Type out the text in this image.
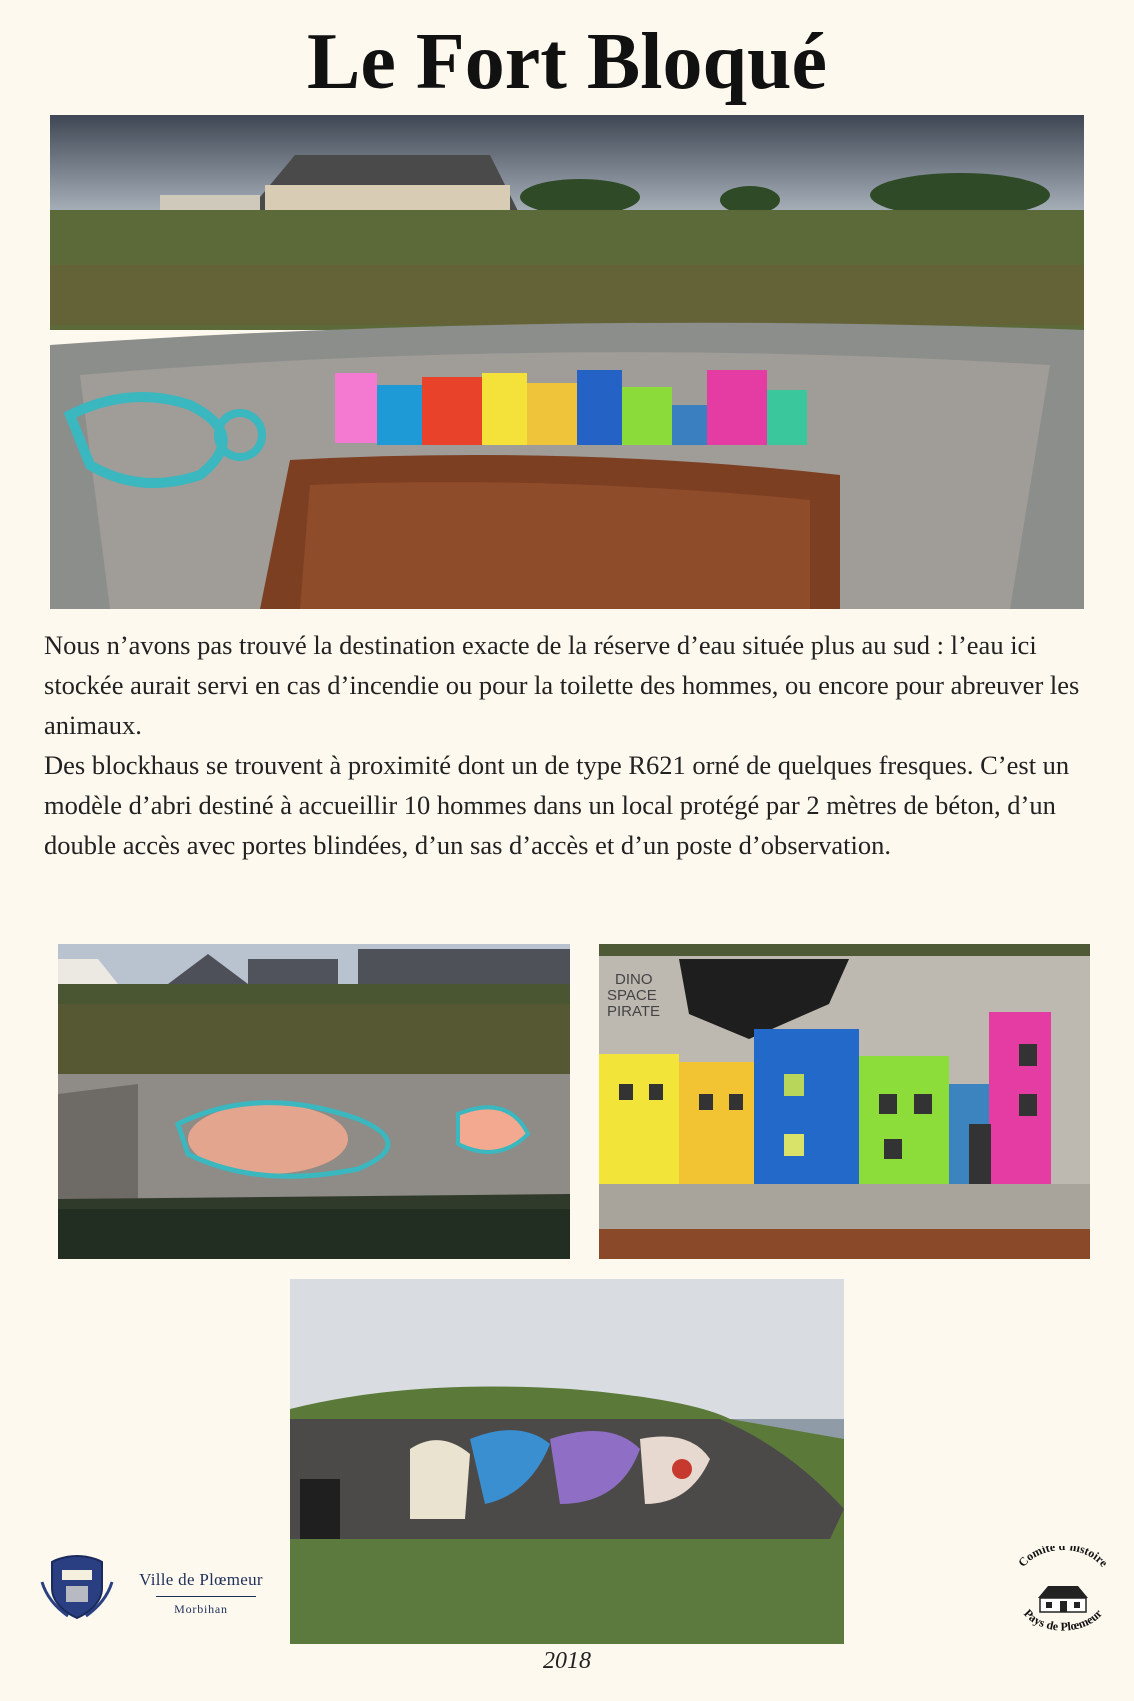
Le Fort Bloqué

Nous n’avons pas trouvé la destination exacte de la réserve d’eau située plus au sud : l’eau ici stockée aurait servi en cas d’incendie ou pour la toilette des hommes, ou encore pour abreuver les animaux.

Des blockhaus se trouvent à proximité dont un de type R621 orné de quelques fresques. C’est un modèle d’abri destiné à accueillir 10 hommes dans un local protégé par 2 mètres de béton, d’un double accès avec portes blindées, d’un sas d’accès et d’un poste d’observation.

DINO SPACE PIRATE
Ville de Plœmeur
Morbihan
Comité d’histoire
Pays de Plœmeur
2018
